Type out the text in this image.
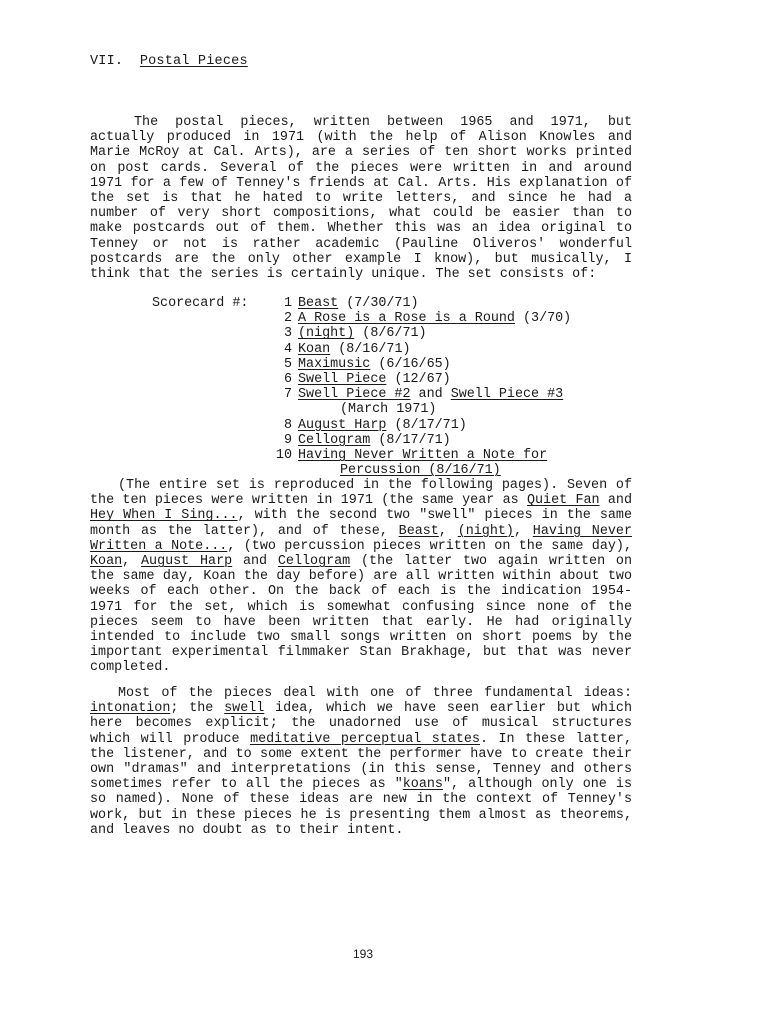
VII. Postal Pieces

The postal pieces, written between 1965 and 1971, but actually produced in 1971 (with the help of Alison Knowles and Marie McRoy at Cal. Arts), are a series of ten short works printed on post cards. Several of the pieces were written in and around 1971 for a few of Tenney's friends at Cal. Arts. His explanation of the set is that he hated to write letters, and since he had a number of very short compositions, what could be easier than to make postcards out of them. Whether this was an idea original to Tenney or not is rather academic (Pauline Oliveros' wonderful postcards are the only other example I know), but musically, I think that the series is certainly unique. The set consists of:

Scorecard #:	1 Beast (7/30/71)
2 A Rose is a Rose is a Round (3/70)
3 (night) (8/6/71)
4 Koan (8/16/71)
5 Maximusic (6/16/65)
6 Swell Piece (12/67)
7 Swell Piece #2 and Swell Piece #3
(March 1971)
8 August Harp (8/17/71)
9 Cellogram (8/17/71)
10 Having Never Written a Note for
Percussion (8/16/71)

(The entire set is reproduced in the following pages). Seven of the ten pieces were written in 1971 (the same year as Quiet Fan and Hey When I Sing..., with the second two "swell" pieces in the same month as the latter), and of these, Beast, (night), Having Never Written a Note..., (two percussion pieces written on the same day), Koan, August Harp and Cellogram (the latter two again written on the same day, Koan the day before) are all written within about two weeks of each other. On the back of each is the indication 1954-1971 for the set, which is somewhat confusing since none of the pieces seem to have been written that early. He had originally intended to include two small songs written on short poems by the important experimental filmmaker Stan Brakhage, but that was never completed.

Most of the pieces deal with one of three fundamental ideas: intonation; the swell idea, which we have seen earlier but which here becomes explicit; the unadorned use of musical structures which will produce meditative perceptual states. In these latter, the listener, and to some extent the performer have to create their own "dramas" and interpretations (in this sense, Tenney and others sometimes refer to all the pieces as "koans", although only one is so named). None of these ideas are new in the context of Tenney's work, but in these pieces he is presenting them almost as theorems, and leaves no doubt as to their intent.

193
